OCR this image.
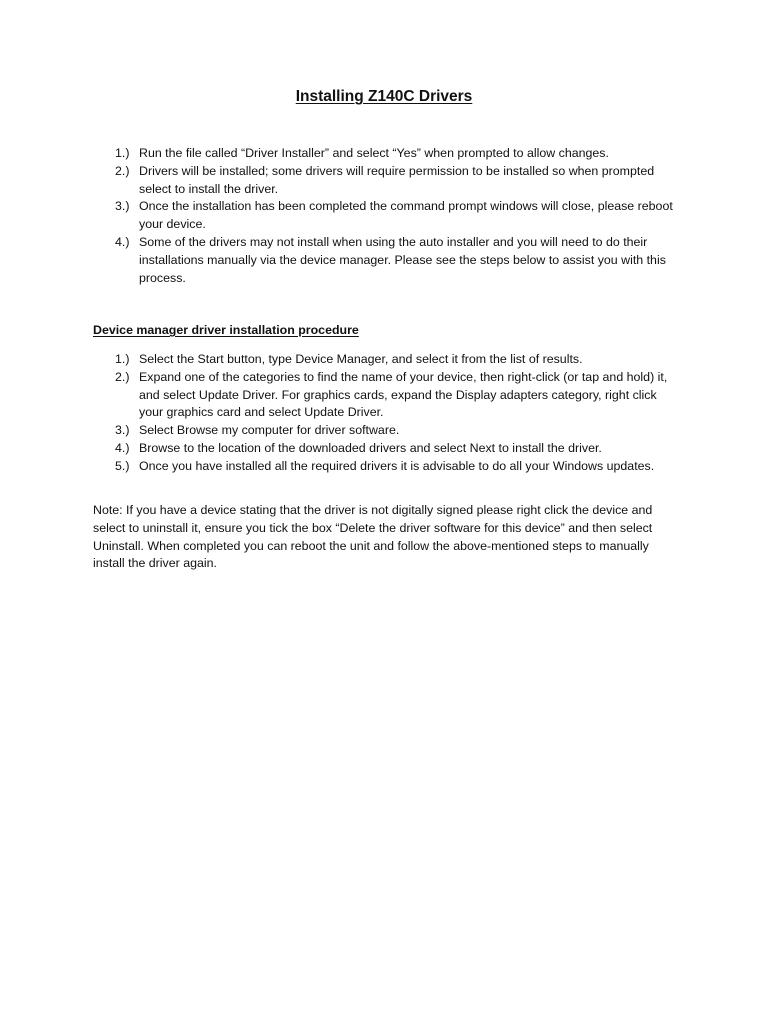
Installing Z140C Drivers
1.) Run the file called “Driver Installer” and select “Yes” when prompted to allow changes.
2.) Drivers will be installed; some drivers will require permission to be installed so when prompted select to install the driver.
3.) Once the installation has been completed the command prompt windows will close, please reboot your device.
4.) Some of the drivers may not install when using the auto installer and you will need to do their installations manually via the device manager. Please see the steps below to assist you with this process.
Device manager driver installation procedure
1.) Select the Start button, type Device Manager, and select it from the list of results.
2.) Expand one of the categories to find the name of your device, then right-click (or tap and hold) it, and select Update Driver. For graphics cards, expand the Display adapters category, right click your graphics card and select Update Driver.
3.) Select Browse my computer for driver software.
4.) Browse to the location of the downloaded drivers and select Next to install the driver.
5.) Once you have installed all the required drivers it is advisable to do all your Windows updates.

Note: If you have a device stating that the driver is not digitally signed please right click the device and select to uninstall it, ensure you tick the box “Delete the driver software for this device” and then select Uninstall. When completed you can reboot the unit and follow the above-mentioned steps to manually install the driver again.
